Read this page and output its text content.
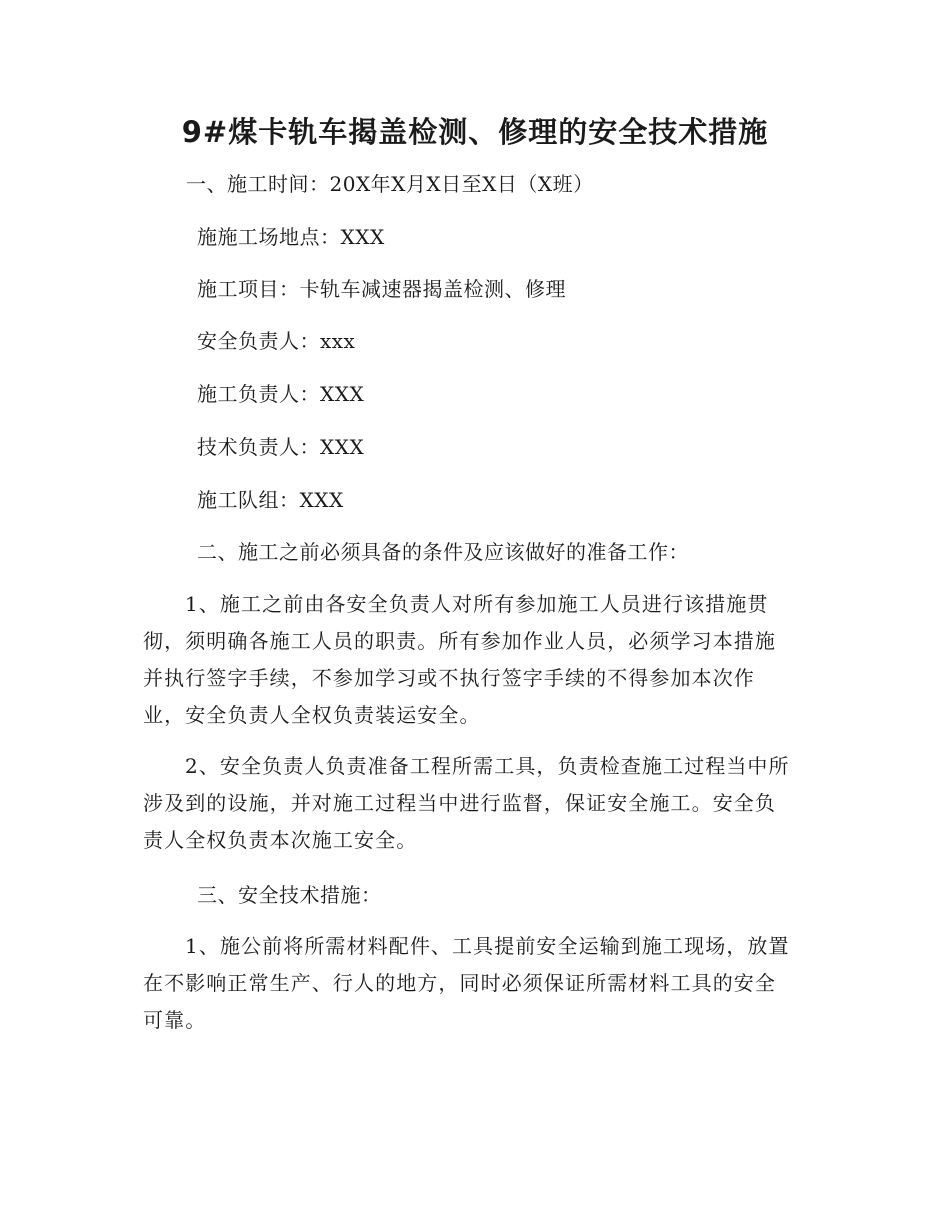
9#煤卡轨车揭盖检测、修理的安全技术措施
一、施工时间：20X年X月X日至X日（X班）
施施工场地点：XXX
施工项目：卡轨车减速器揭盖检测、修理
安全负责人：xxx
施工负责人：XXX
技术负责人：XXX
施工队组：XXX
二、施工之前必须具备的条件及应该做好的准备工作：
1、施工之前由各安全负责人对所有参加施工人员进行该措施贯
彻，须明确各施工人员的职责。所有参加作业人员，必须学习本措施
并执行签字手续，不参加学习或不执行签字手续的不得参加本次作
业，安全负责人全权负责装运安全。
2、安全负责人负责准备工程所需工具，负责检查施工过程当中所
涉及到的设施，并对施工过程当中进行监督，保证安全施工。安全负
责人全权负责本次施工安全。
三、安全技术措施：
1、施公前将所需材料配件、工具提前安全运输到施工现场，放置
在不影响正常生产、行人的地方，同时必须保证所需材料工具的安全
可靠。
